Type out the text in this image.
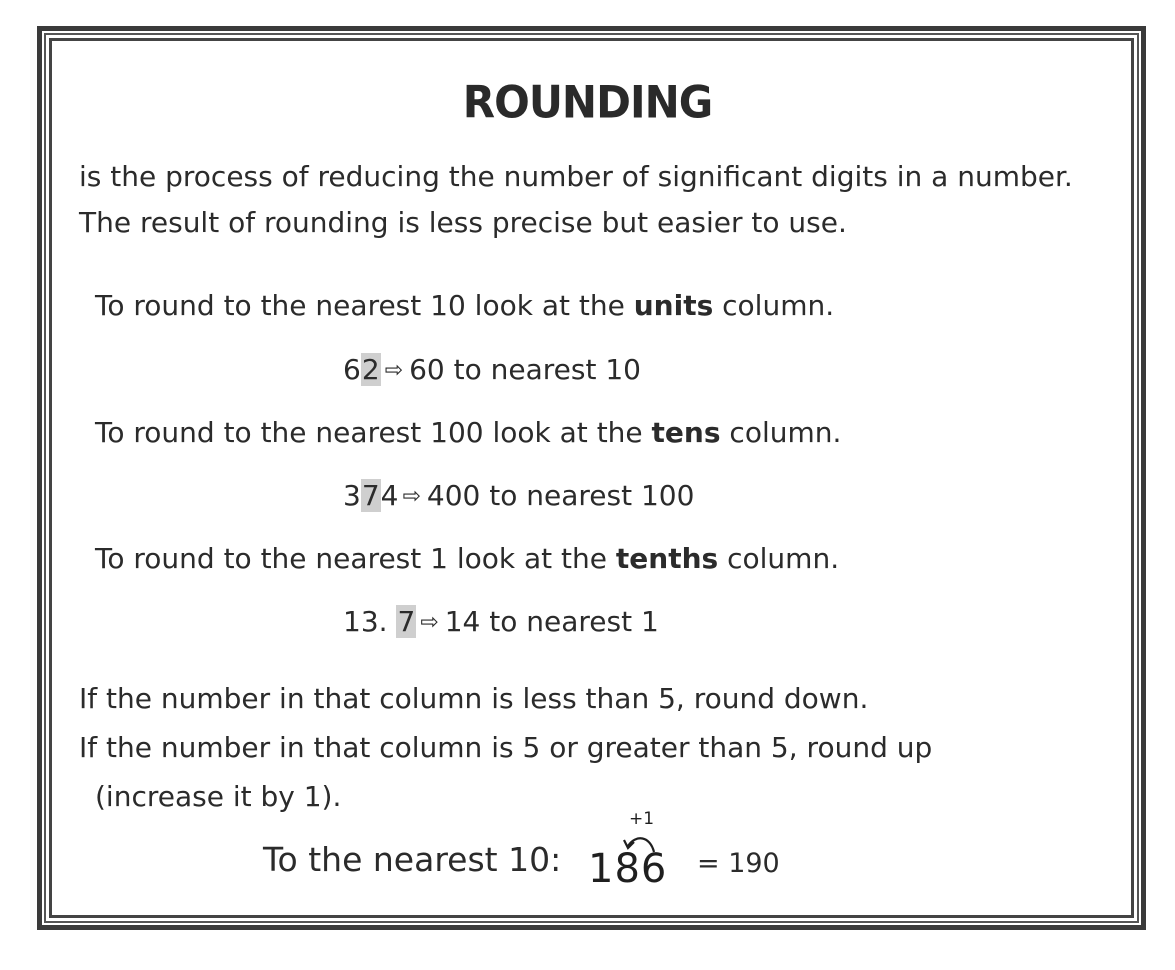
ROUNDING
is the process of reducing the number of significant digits in a number.
The result of rounding is less precise but easier to use.
To round to the nearest 10 look at the units column.
62 ⇨ 60 to nearest 10
To round to the nearest 100 look at the tens column.
374 ⇨ 400 to nearest 100
To round to the nearest 1 look at the tenths column.
13. 7 ⇨ 14 to nearest 1
If the number in that column is less than 5, round down.
If the number in that column is 5 or greater than 5, round up
(increase it by 1).
To the nearest 10:
+1
186 = 190
